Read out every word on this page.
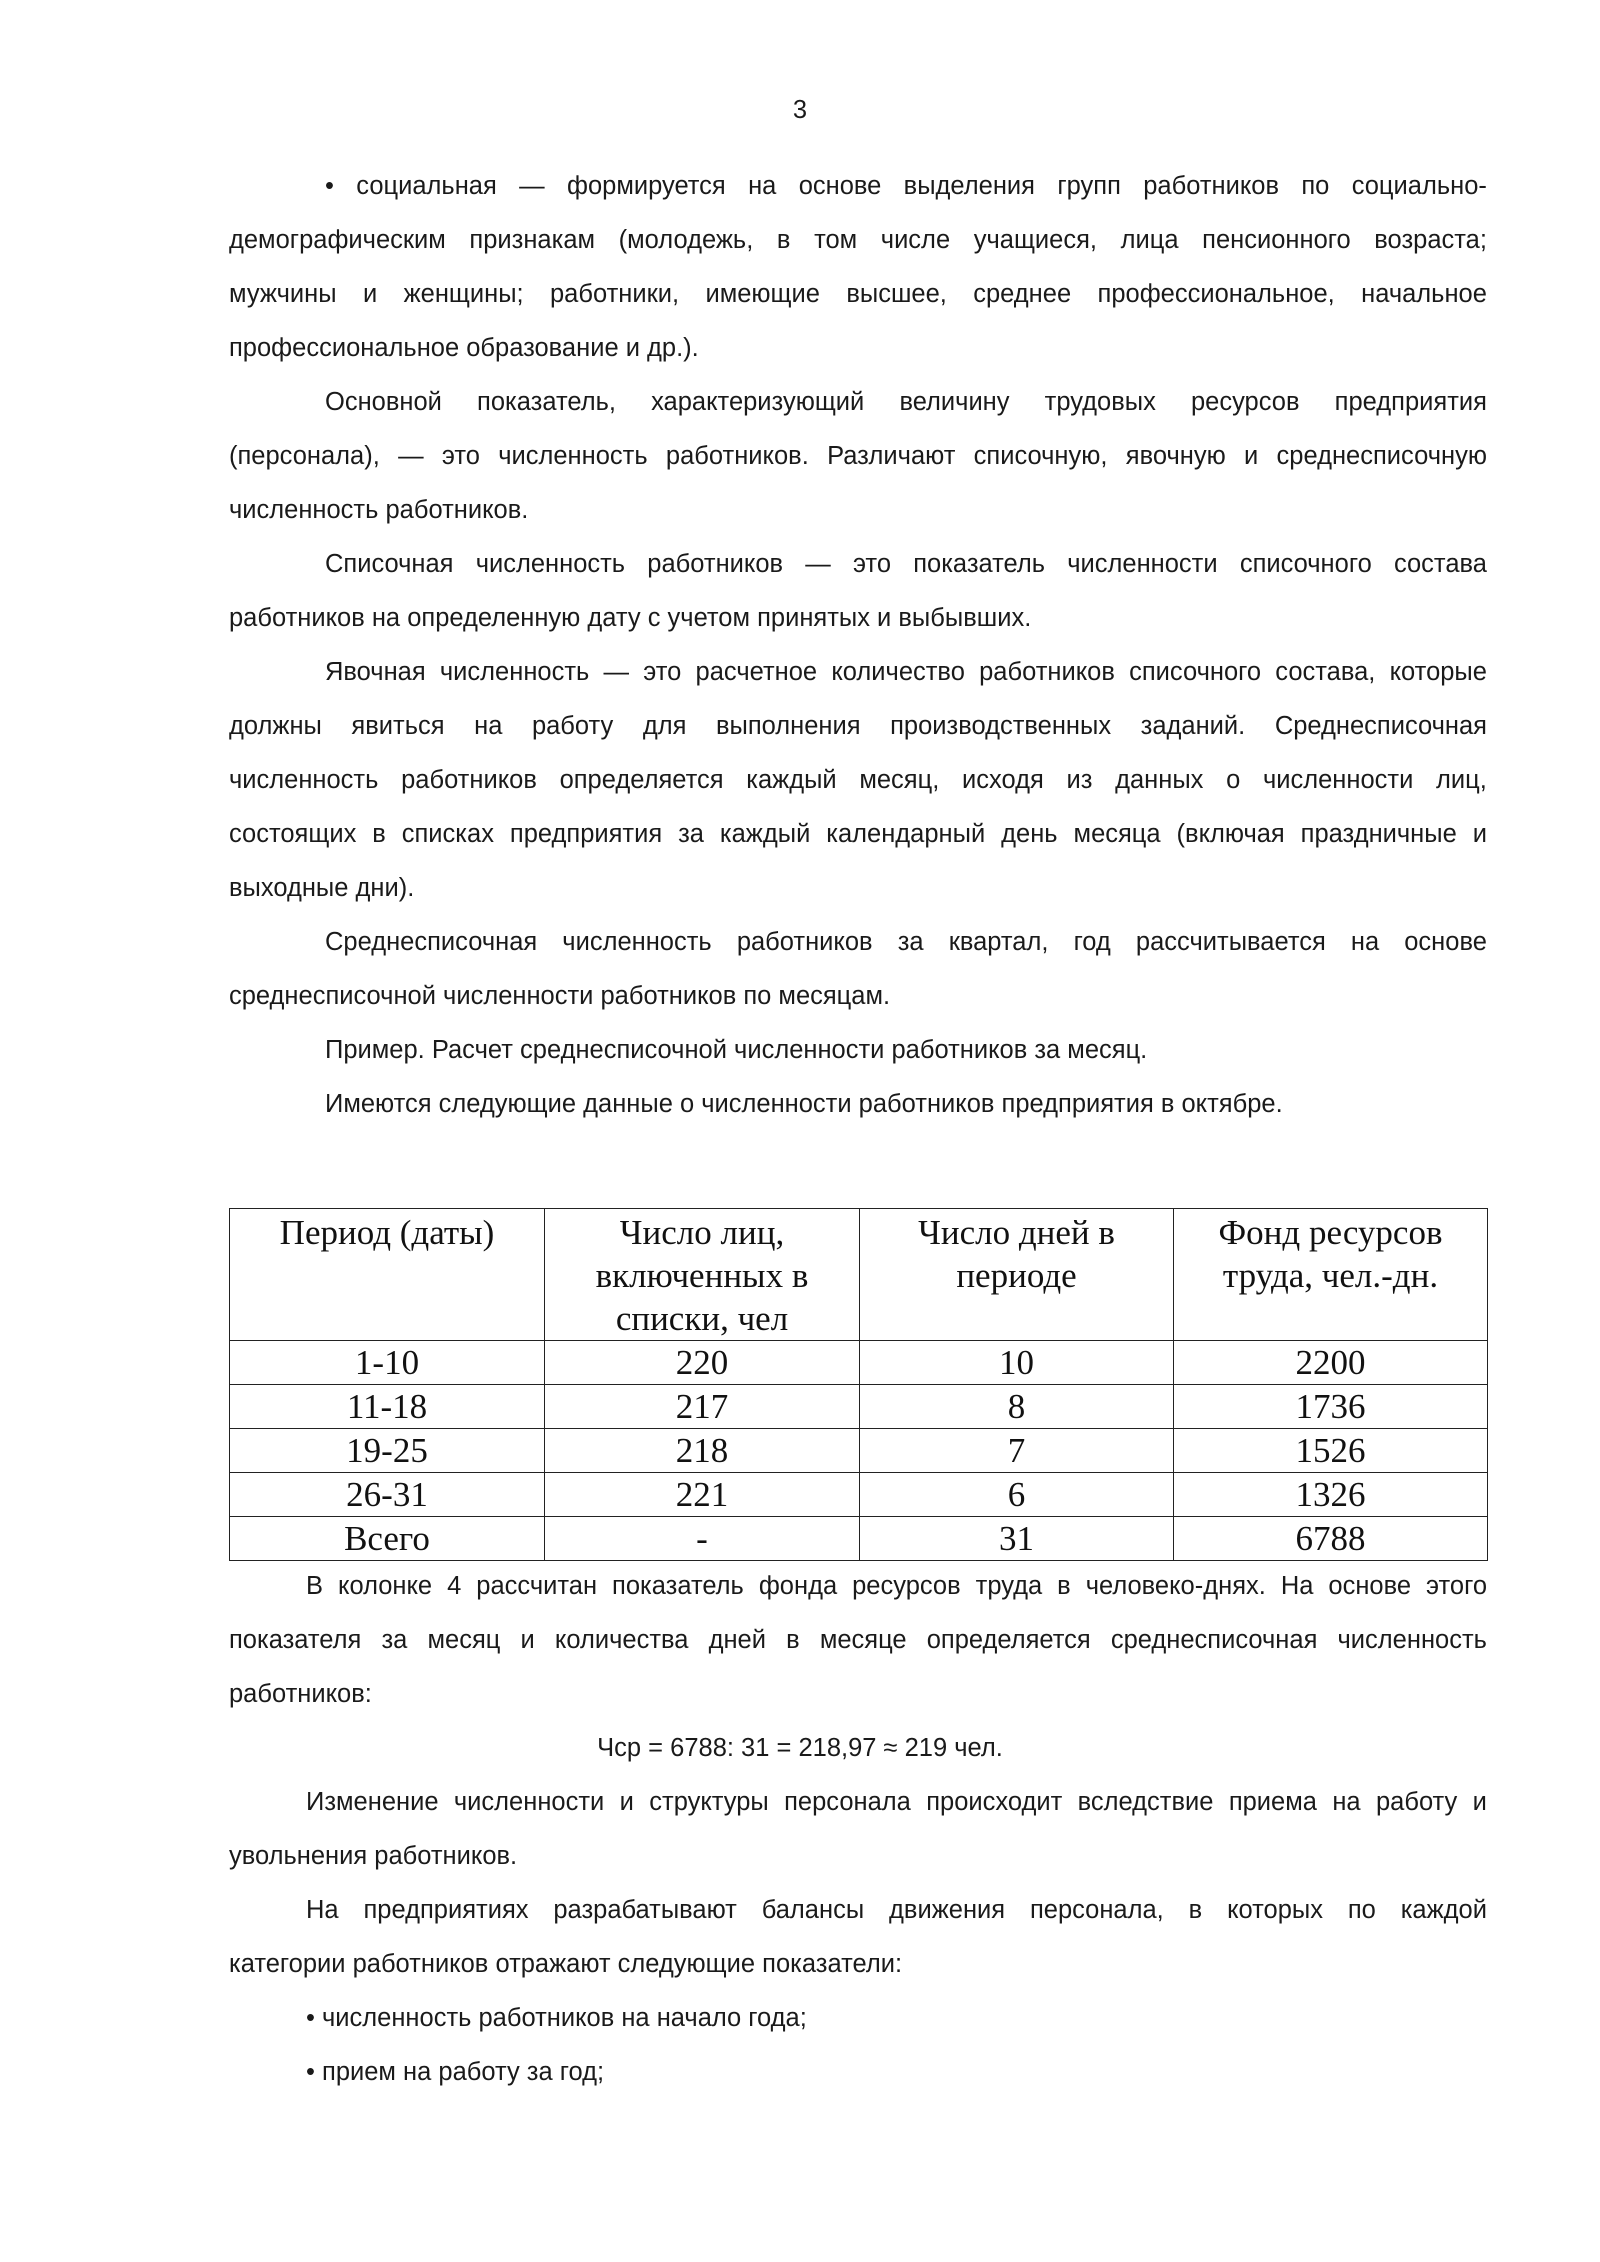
3
• социальная — формируется на основе выделения групп работников по социально-
демографическим признакам (молодежь, в том числе учащиеся, лица пенсионного возраста;
мужчины и женщины; работники, имеющие высшее, среднее профессиональное, начальное
профессиональное образование и др.).
Основной показатель, характеризующий величину трудовых ресурсов предприятия
(персонала), — это численность работников. Различают списочную, явочную и среднесписочную
численность работников.
Списочная численность работников — это показатель численности списочного состава
работников на определенную дату с учетом принятых и выбывших.
Явочная численность — это расчетное количество работников списочного состава, которые
должны явиться на работу для выполнения производственных заданий. Среднесписочная
численность работников определяется каждый месяц, исходя из данных о численности лиц,
состоящих в списках предприятия за каждый календарный день месяца (включая праздничные и
выходные дни).
Среднесписочная численность работников за квартал, год рассчитывается на основе
среднесписочной численности работников по месяцам.
Пример. Расчет среднесписочной численности работников за месяц.
Имеются следующие данные о численности работников предприятия в октябре.
Период (даты)	Число лиц, включенных в списки, чел	Число дней в периоде	Фонд ресурсов труда, чел.-дн.
1-10	220	10	2200
11-18	217	8	1736
19-25	218	7	1526
26-31	221	6	1326
Всего	-	31	6788
В колонке 4 рассчитан показатель фонда ресурсов труда в человеко-днях. На основе этого
показателя за месяц и количества дней в месяце определяется среднесписочная численность
работников:
Чср = 6788: 31 = 218,97 ≈ 219 чел.
Изменение численности и структуры персонала происходит вследствие приема на работу и
увольнения работников.
На предприятиях разрабатывают балансы движения персонала, в которых по каждой
категории работников отражают следующие показатели:
• численность работников на начало года;
• прием на работу за год;
